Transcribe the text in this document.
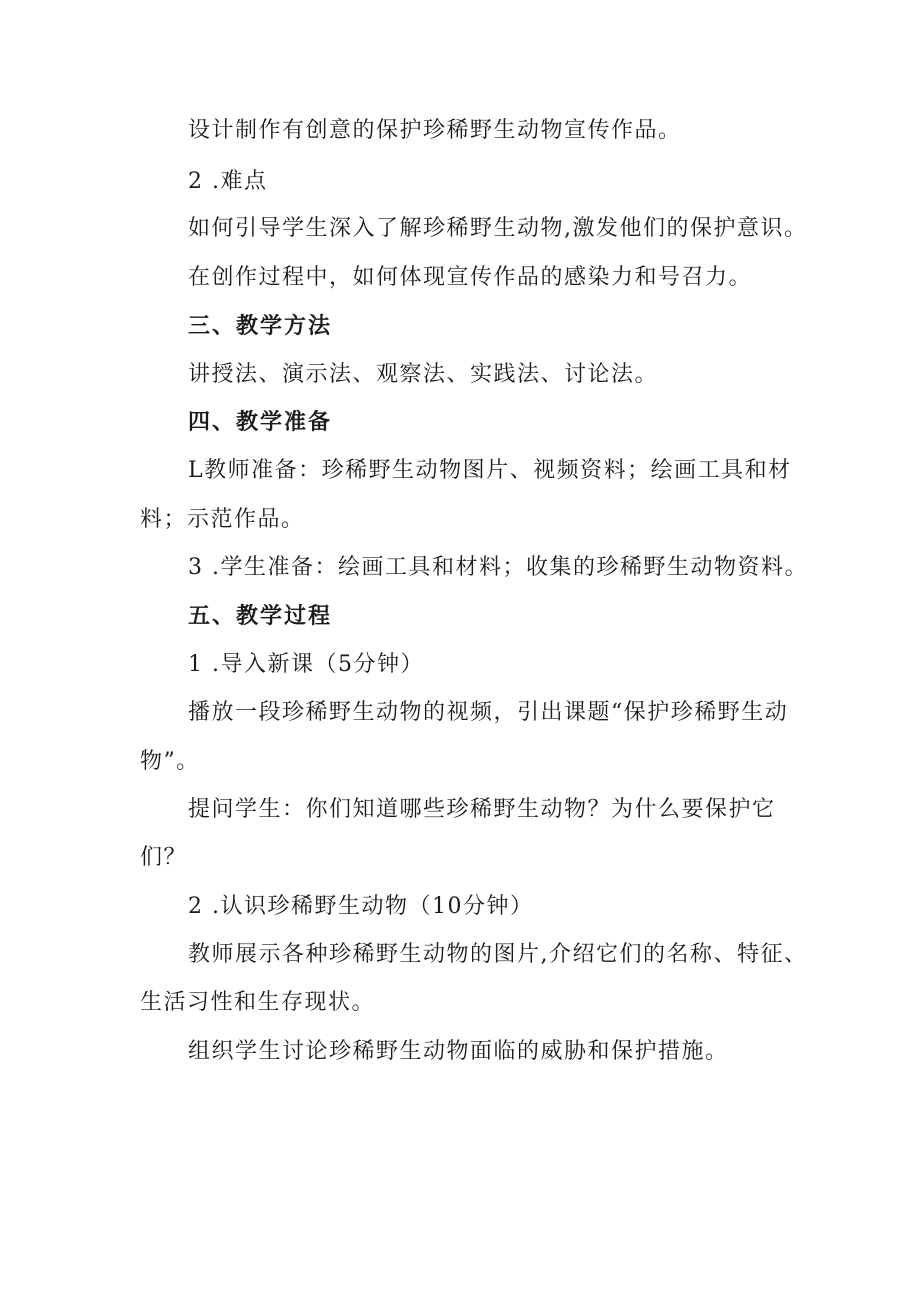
设计制作有创意的保护珍稀野生动物宣传作品。
2 .难点
如何引导学生深入了解珍稀野生动物,激发他们的保护意识。
在创作过程中，如何体现宣传作品的感染力和号召力。
三、教学方法
讲授法、演示法、观察法、实践法、讨论法。
四、教学准备
L教师准备：珍稀野生动物图片、视频资料；绘画工具和材
料；示范作品。
3 .学生准备：绘画工具和材料；收集的珍稀野生动物资料。
五、教学过程
1 .导入新课（5分钟）
播放一段珍稀野生动物的视频，引出课题“保护珍稀野生动
物”。
提问学生：你们知道哪些珍稀野生动物？为什么要保护它
们？
2 .认识珍稀野生动物（10分钟）
教师展示各种珍稀野生动物的图片,介绍它们的名称、特征、
生活习性和生存现状。
组织学生讨论珍稀野生动物面临的威胁和保护措施。
